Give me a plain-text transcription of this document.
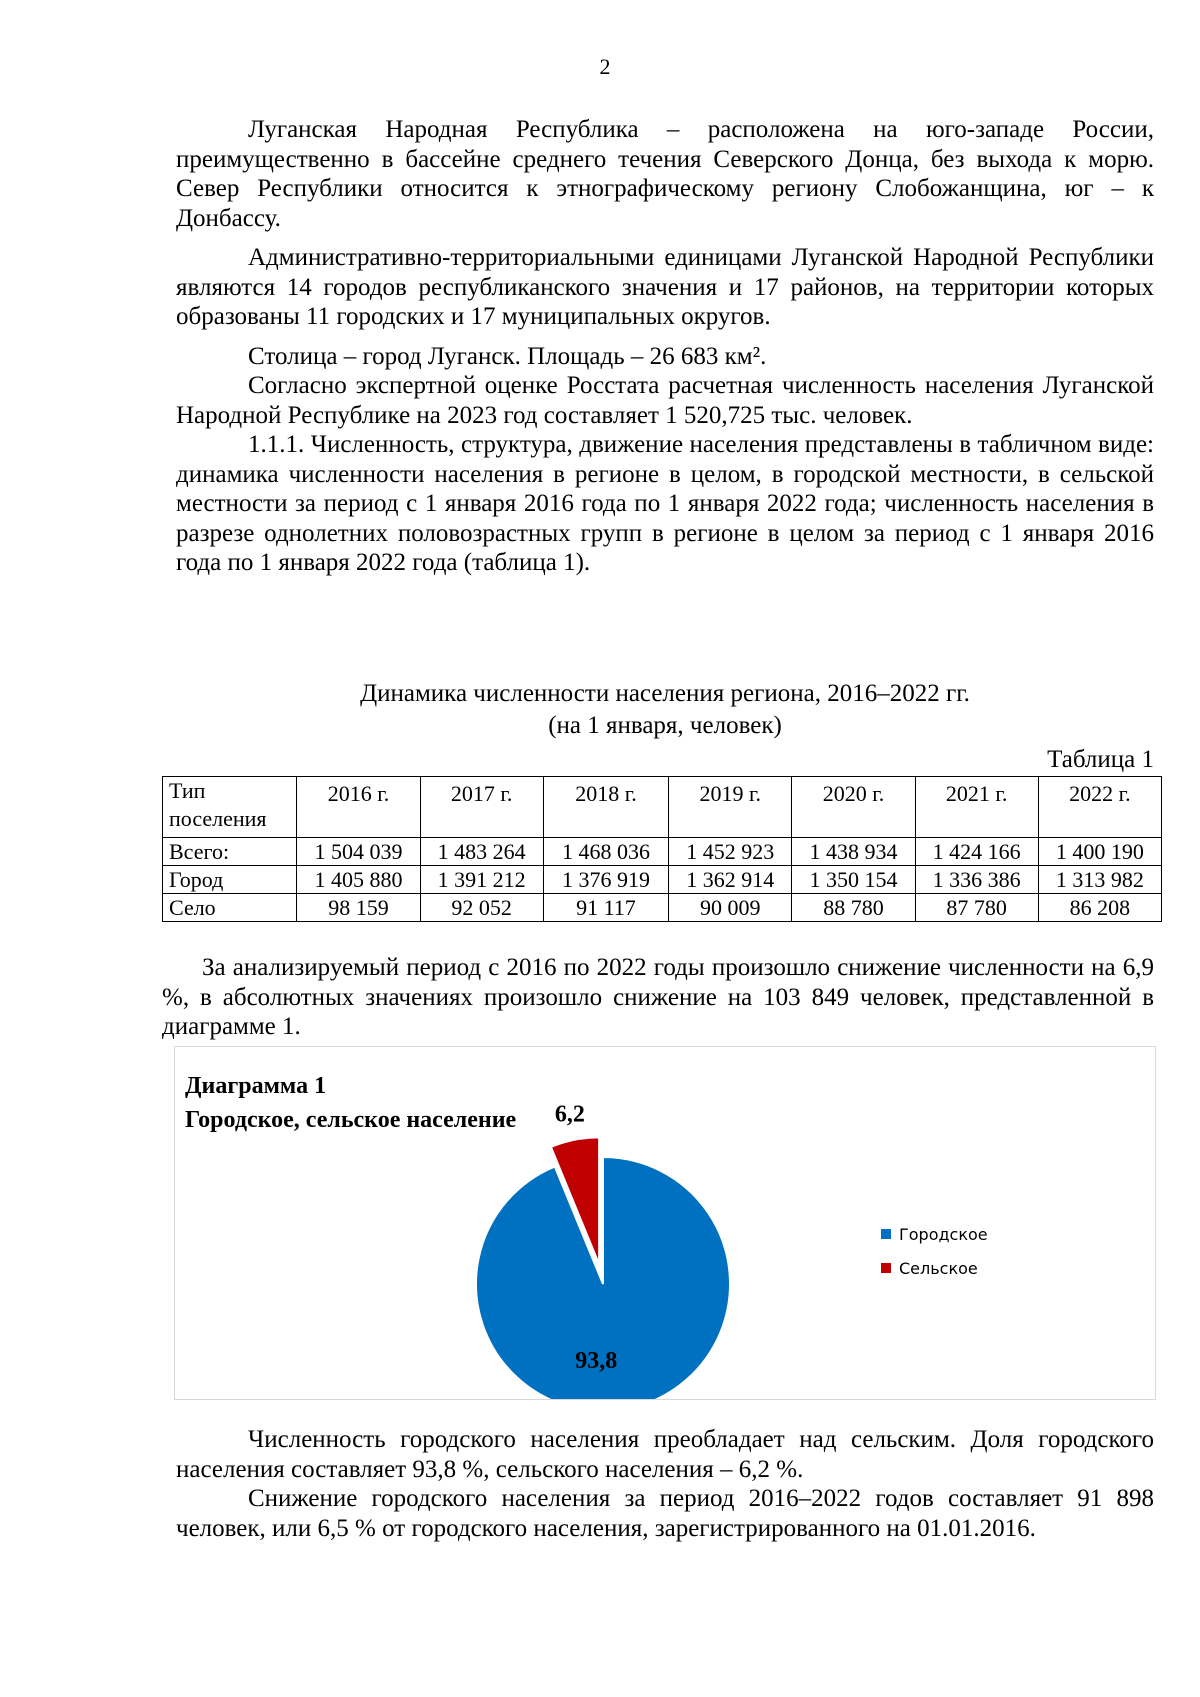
2

Луганская Народная Республика – расположена на юго-западе России, преимущественно в бассейне среднего течения Северского Донца, без выхода к морю. Север Республики относится к этнографическому региону Слобожанщина, юг – к Донбассу.

Административно-территориальными единицами Луганской Народной Республики являются 14 городов республиканского значения и 17 районов, на территории которых образованы 11 городских и 17 муниципальных округов.

Столица – город Луганск. Площадь – 26 683 км².

Согласно экспертной оценке Росстата расчетная численность населения Луганской Народной Республике на 2023 год составляет 1 520,725 тыс. человек.

1.1.1. Численность, структура, движение населения представлены в табличном виде: динамика численности населения в регионе в целом, в городской местности, в сельской местности за период с 1 января 2016 года по 1 января 2022 года; численность населения в разрезе однолетних половозрастных групп в регионе в целом за период с 1 января 2016 года по 1 января 2022 года (таблица 1).

Динамика численности населения региона, 2016–2022 гг.
(на 1 января, человек)
Таблица 1
Тип поселения	2016 г.	2017 г.	2018 г.	2019 г.	2020 г.	2021 г.	2022 г.
Всего:	1 504 039	1 483 264	1 468 036	1 452 923	1 438 934	1 424 166	1 400 190
Город	1 405 880	1 391 212	1 376 919	1 362 914	1 350 154	1 336 386	1 313 982
Село	98 159	92 052	91 117	90 009	88 780	87 780	86 208

За анализируемый период с 2016 по 2022 годы произошло снижение численности на 6,9 %, в абсолютных значениях произошло снижение на 103 849 человек, представленной в диаграмме 1.

93,8
6,2
Диаграмма 1
Городское, сельское население
Городское
Сельское

Численность городского населения преобладает над сельским. Доля городского населения составляет 93,8 %, сельского населения – 6,2 %.

Снижение городского населения за период 2016–2022 годов составляет 91 898 человек, или 6,5 % от городского населения, зарегистрированного на 01.01.2016.
